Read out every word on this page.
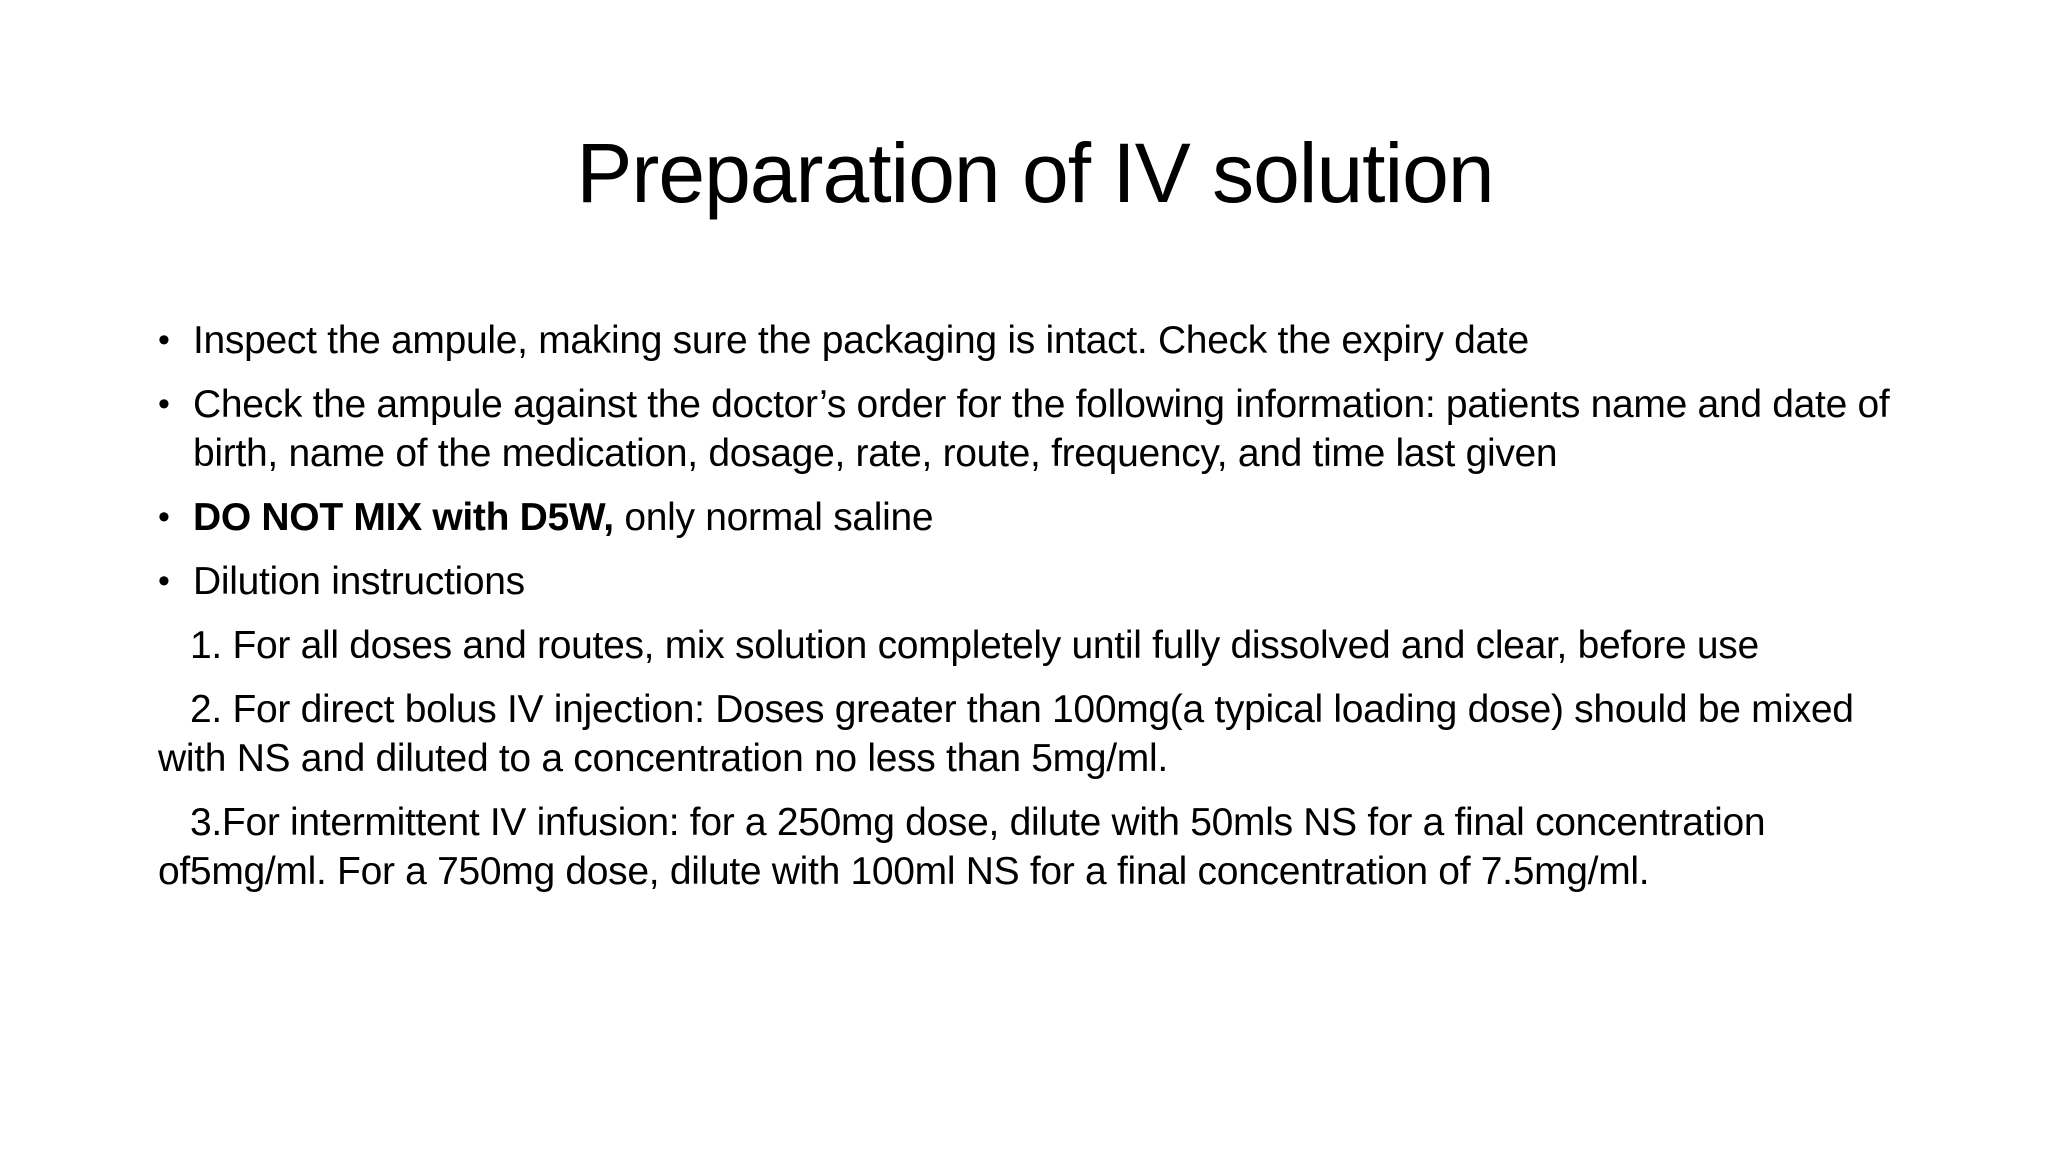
Preparation of IV solution
• Inspect the ampule, making sure the packaging is intact. Check the expiry date
• Check the ampule against the doctor’s order for the following information: patients name and date of birth, name of the medication, dosage, rate, route, frequency, and time last given
• DO NOT MIX with D5W, only normal saline
• Dilution instructions
1. For all doses and routes, mix solution completely until fully dissolved and clear, before use
2. For direct bolus IV injection: Doses greater than 100mg(a typical loading dose) should be mixed with NS and diluted to a concentration no less than 5mg/ml.
3.For intermittent IV infusion: for a 250mg dose, dilute with 50mls NS for a final concentration of5mg/ml. For a 750mg dose, dilute with 100ml NS for a final concentration of 7.5mg/ml.
